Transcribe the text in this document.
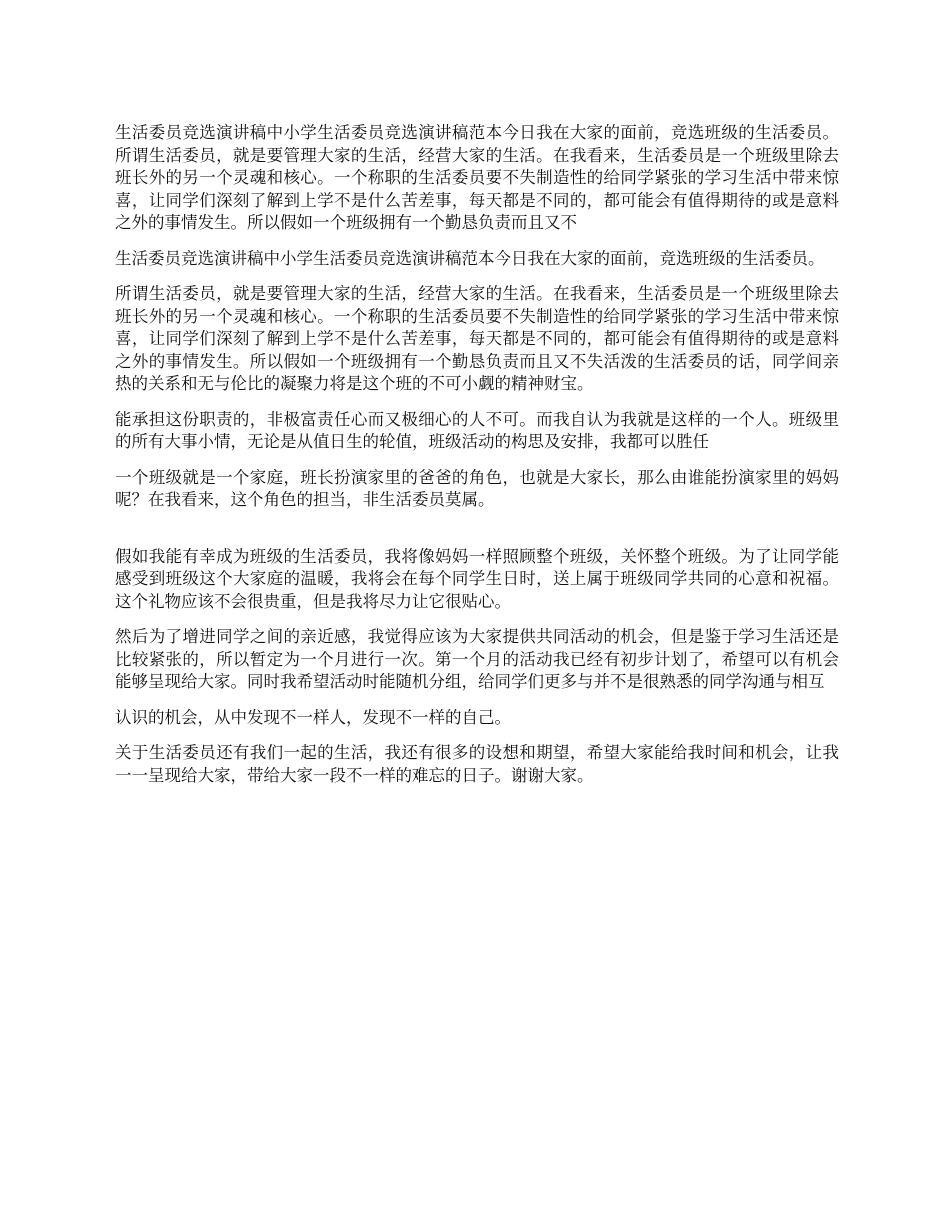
生活委员竞选演讲稿中小学生活委员竞选演讲稿范本今日我在大家的面前，竞选班级的生活委员。所谓生活委员，就是要管理大家的生活，经营大家的生活。在我看来，生活委员是一个班级里除去班长外的另一个灵魂和核心。一个称职的生活委员要不失制造性的给同学紧张的学习生活中带来惊喜，让同学们深刻了解到上学不是什么苦差事，每天都是不同的，都可能会有值得期待的或是意料之外的事情发生。所以假如一个班级拥有一个勤恳负责而且又不

生活委员竞选演讲稿中小学生活委员竞选演讲稿范本今日我在大家的面前，竞选班级的生活委员。

所谓生活委员，就是要管理大家的生活，经营大家的生活。在我看来，生活委员是一个班级里除去班长外的另一个灵魂和核心。一个称职的生活委员要不失制造性的给同学紧张的学习生活中带来惊喜，让同学们深刻了解到上学不是什么苦差事，每天都是不同的，都可能会有值得期待的或是意料之外的事情发生。所以假如一个班级拥有一个勤恳负责而且又不失活泼的生活委员的话，同学间亲热的关系和无与伦比的凝聚力将是这个班的不可小觑的精神财宝。

能承担这份职责的，非极富责任心而又极细心的人不可。而我自认为我就是这样的一个人。班级里的所有大事小情，无论是从值日生的轮值，班级活动的构思及安排，我都可以胜任

一个班级就是一个家庭，班长扮演家里的爸爸的角色，也就是大家长，那么由谁能扮演家里的妈妈呢？在我看来，这个角色的担当，非生活委员莫属。

假如我能有幸成为班级的生活委员，我将像妈妈一样照顾整个班级，关怀整个班级。为了让同学能感受到班级这个大家庭的温暖，我将会在每个同学生日时，送上属于班级同学共同的心意和祝福。这个礼物应该不会很贵重，但是我将尽力让它很贴心。

然后为了增进同学之间的亲近感，我觉得应该为大家提供共同活动的机会，但是鉴于学习生活还是比较紧张的，所以暂定为一个月进行一次。第一个月的活动我已经有初步计划了，希望可以有机会能够呈现给大家。同时我希望活动时能随机分组，给同学们更多与并不是很熟悉的同学沟通与相互

认识的机会，从中发现不一样人，发现不一样的自己。

关于生活委员还有我们一起的生活，我还有很多的设想和期望，希望大家能给我时间和机会，让我一一呈现给大家，带给大家一段不一样的难忘的日子。谢谢大家。
